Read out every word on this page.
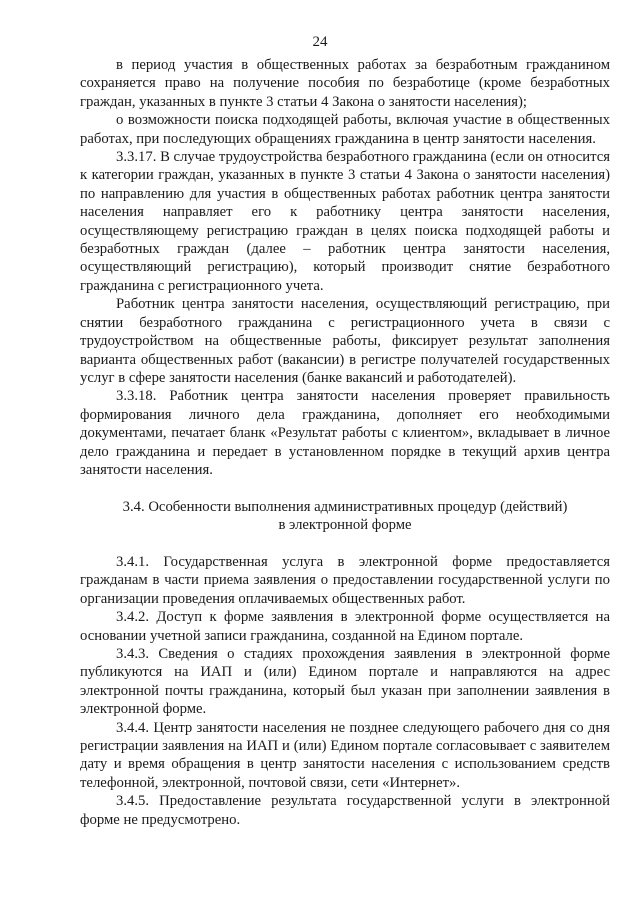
24

в период участия в общественных работах за безработным гражданином сохраняется право на получение пособия по безработице (кроме безработных граждан, указанных в пункте 3 статьи 4 Закона о занятости населения);

о возможности поиска подходящей работы, включая участие в общественных работах, при последующих обращениях гражданина в центр занятости населения.

3.3.17. В случае трудоустройства безработного гражданина (если он относится к категории граждан, указанных в пункте 3 статьи 4 Закона о занятости населения) по направлению для участия в общественных работах работник центра занятости населения направляет его к работнику центра занятости населения, осуществляющему регистрацию граждан в целях поиска подходящей работы и безработных граждан (далее – работник центра занятости населения, осуществляющий регистрацию), который производит снятие безработного гражданина с регистрационного учета.

Работник центра занятости населения, осуществляющий регистрацию, при снятии безработного гражданина с регистрационного учета в связи с трудоустройством на общественные работы, фиксирует результат заполнения варианта общественных работ (вакансии) в регистре получателей государственных услуг в сфере занятости населения (банке вакансий и работодателей).

3.3.18. Работник центра занятости населения проверяет правильность формирования личного дела гражданина, дополняет его необходимыми документами, печатает бланк «Результат работы с клиентом», вкладывает в личное дело гражданина и передает в установленном порядке в текущий архив центра занятости населения.

3.4. Особенности выполнения административных процедур (действий)
в электронной форме

3.4.1. Государственная услуга в электронной форме предоставляется гражданам в части приема заявления о предоставлении государственной услуги по организации проведения оплачиваемых общественных работ.

3.4.2. Доступ к форме заявления в электронной форме осуществляется на основании учетной записи гражданина, созданной на Едином портале.

3.4.3. Сведения о стадиях прохождения заявления в электронной форме публикуются на ИАП и (или) Едином портале и направляются на адрес электронной почты гражданина, который был указан при заполнении заявления в электронной форме.

3.4.4. Центр занятости населения не позднее следующего рабочего дня со дня регистрации заявления на ИАП и (или) Едином портале согласовывает с заявителем дату и время обращения в центр занятости населения с использованием средств телефонной, электронной, почтовой связи, сети «Интернет».

3.4.5. Предоставление результата государственной услуги в электронной форме не предусмотрено.
